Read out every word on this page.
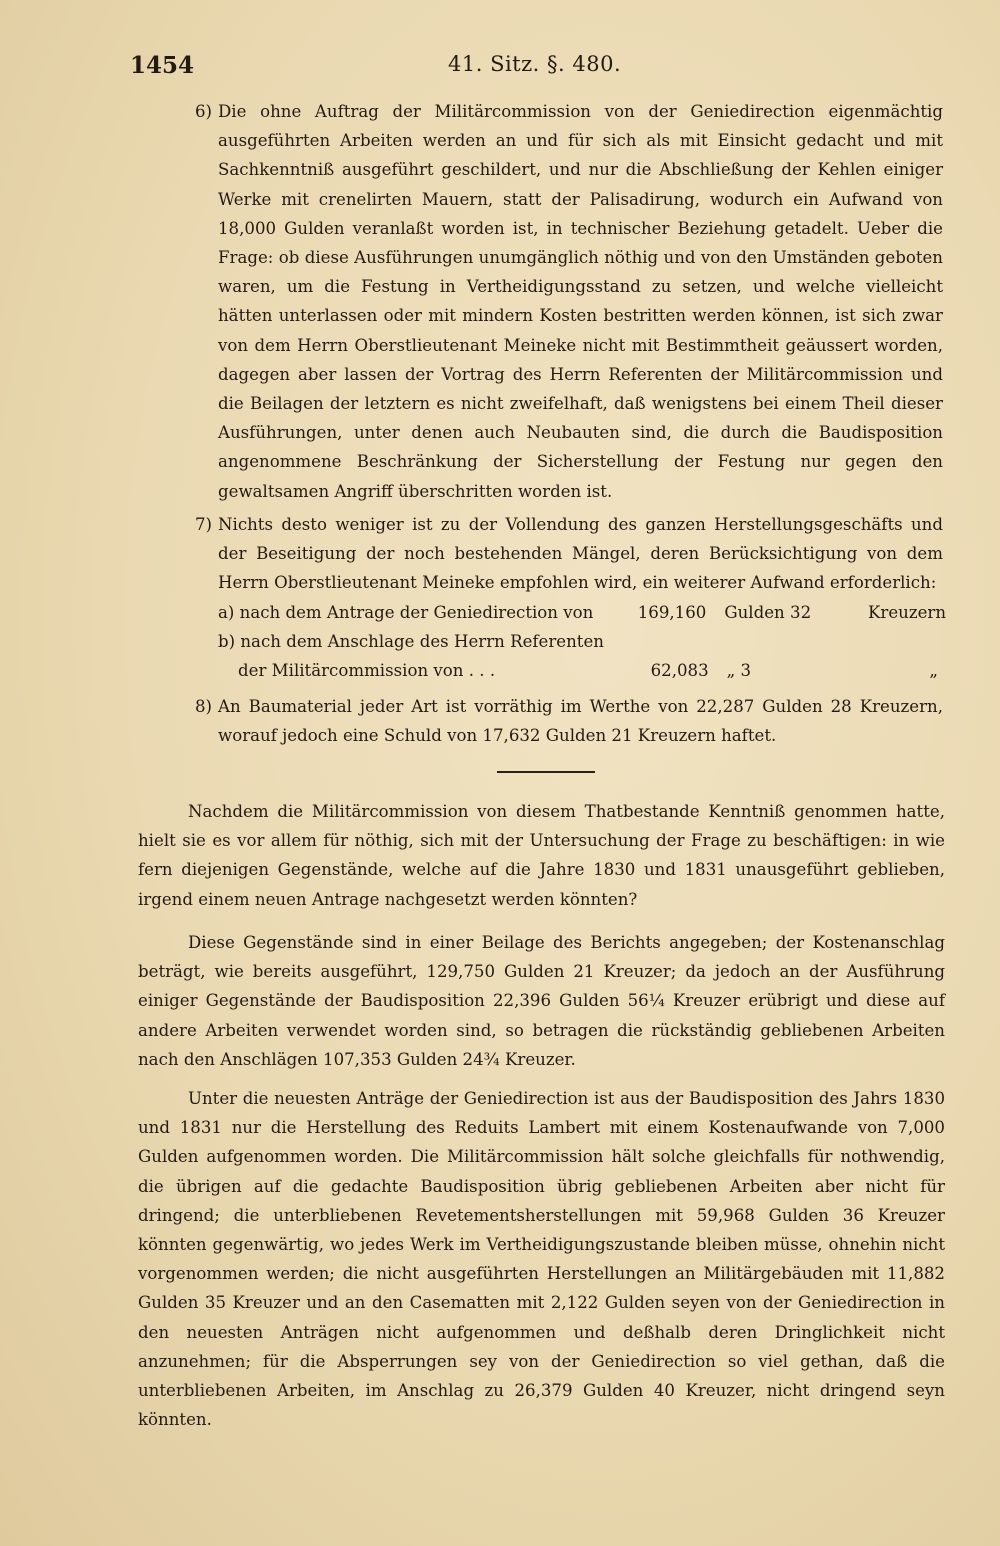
1454	41. Sitz. §. 480.
6) Die ohne Auftrag der Militärcommission von der Geniedirection eigenmächtig ausgeführten Arbeiten werden an und für sich als mit Einsicht gedacht und mit Sachkenntniß ausgeführt geschildert, und nur die Abschließung der Kehlen einiger Werke mit crenelirten Mauern, statt der Palisadirung, wodurch ein Aufwand von 18,000 Gulden veranlaßt worden ist, in technischer Beziehung getadelt. Ueber die Frage: ob diese Ausführungen unumgänglich nöthig und von den Umständen geboten waren, um die Festung in Vertheidigungsstand zu setzen, und welche vielleicht hätten unterlassen oder mit mindern Kosten bestritten werden können, ist sich zwar von dem Herrn Oberstlieutenant Meineke nicht mit Bestimmtheit geäussert worden, dagegen aber lassen der Vortrag des Herrn Referenten der Militärcommission und die Beilagen der letztern es nicht zweifelhaft, daß wenigstens bei einem Theil dieser Ausführungen, unter denen auch Neubauten sind, die durch die Baudisposition angenommene Beschränkung der Sicherstellung der Festung nur gegen den gewaltsamen Angriff überschritten worden ist.
7) Nichts desto weniger ist zu der Vollendung des ganzen Herstellungsgeschäfts und der Beseitigung der noch bestehenden Mängel, deren Berücksichtigung von dem Herrn Oberstlieutenant Meineke empfohlen wird, ein weiterer Aufwand erforderlich:
a) nach dem Antrage der Geniedirection von	169,160	Gulden 32	Kreuzern
b) nach dem Anschlage des Herrn Referenten
der Militärcommission von . . .	62,083	„ 3	„
8) An Baumaterial jeder Art ist vorräthig im Werthe von 22,287 Gulden 28 Kreuzern, worauf jedoch eine Schuld von 17,632 Gulden 21 Kreuzern haftet.
Nachdem die Militärcommission von diesem Thatbestande Kenntniß genommen hatte, hielt sie es vor allem für nöthig, sich mit der Untersuchung der Frage zu beschäftigen: in wie fern diejenigen Gegenstände, welche auf die Jahre 1830 und 1831 unausgeführt geblieben, irgend einem neuen Antrage nachgesetzt werden könnten?
Diese Gegenstände sind in einer Beilage des Berichts angegeben; der Kostenanschlag beträgt, wie bereits ausgeführt, 129,750 Gulden 21 Kreuzer; da jedoch an der Ausführung einiger Gegenstände der Baudisposition 22,396 Gulden 56¼ Kreuzer erübrigt und diese auf andere Arbeiten verwendet worden sind, so betragen die rückständig gebliebenen Arbeiten nach den Anschlägen 107,353 Gulden 24¾ Kreuzer.
Unter die neuesten Anträge der Geniedirection ist aus der Baudisposition des Jahrs 1830 und 1831 nur die Herstellung des Reduits Lambert mit einem Kostenaufwande von 7,000 Gulden aufgenommen worden. Die Militärcommission hält solche gleichfalls für nothwendig, die übrigen auf die gedachte Baudisposition übrig gebliebenen Arbeiten aber nicht für dringend; die unterbliebenen Revetementsherstellungen mit 59,968 Gulden 36 Kreuzer könnten gegenwärtig, wo jedes Werk im Vertheidigungszustande bleiben müsse, ohnehin nicht vorgenommen werden; die nicht ausgeführten Herstellungen an Militärgebäuden mit 11,882 Gulden 35 Kreuzer und an den Casematten mit 2,122 Gulden seyen von der Geniedirection in den neuesten Anträgen nicht aufgenommen und deßhalb deren Dringlichkeit nicht anzunehmen; für die Absperrungen sey von der Geniedirection so viel gethan, daß die unterbliebenen Arbeiten, im Anschlag zu 26,379 Gulden 40 Kreuzer, nicht dringend seyn könnten.
